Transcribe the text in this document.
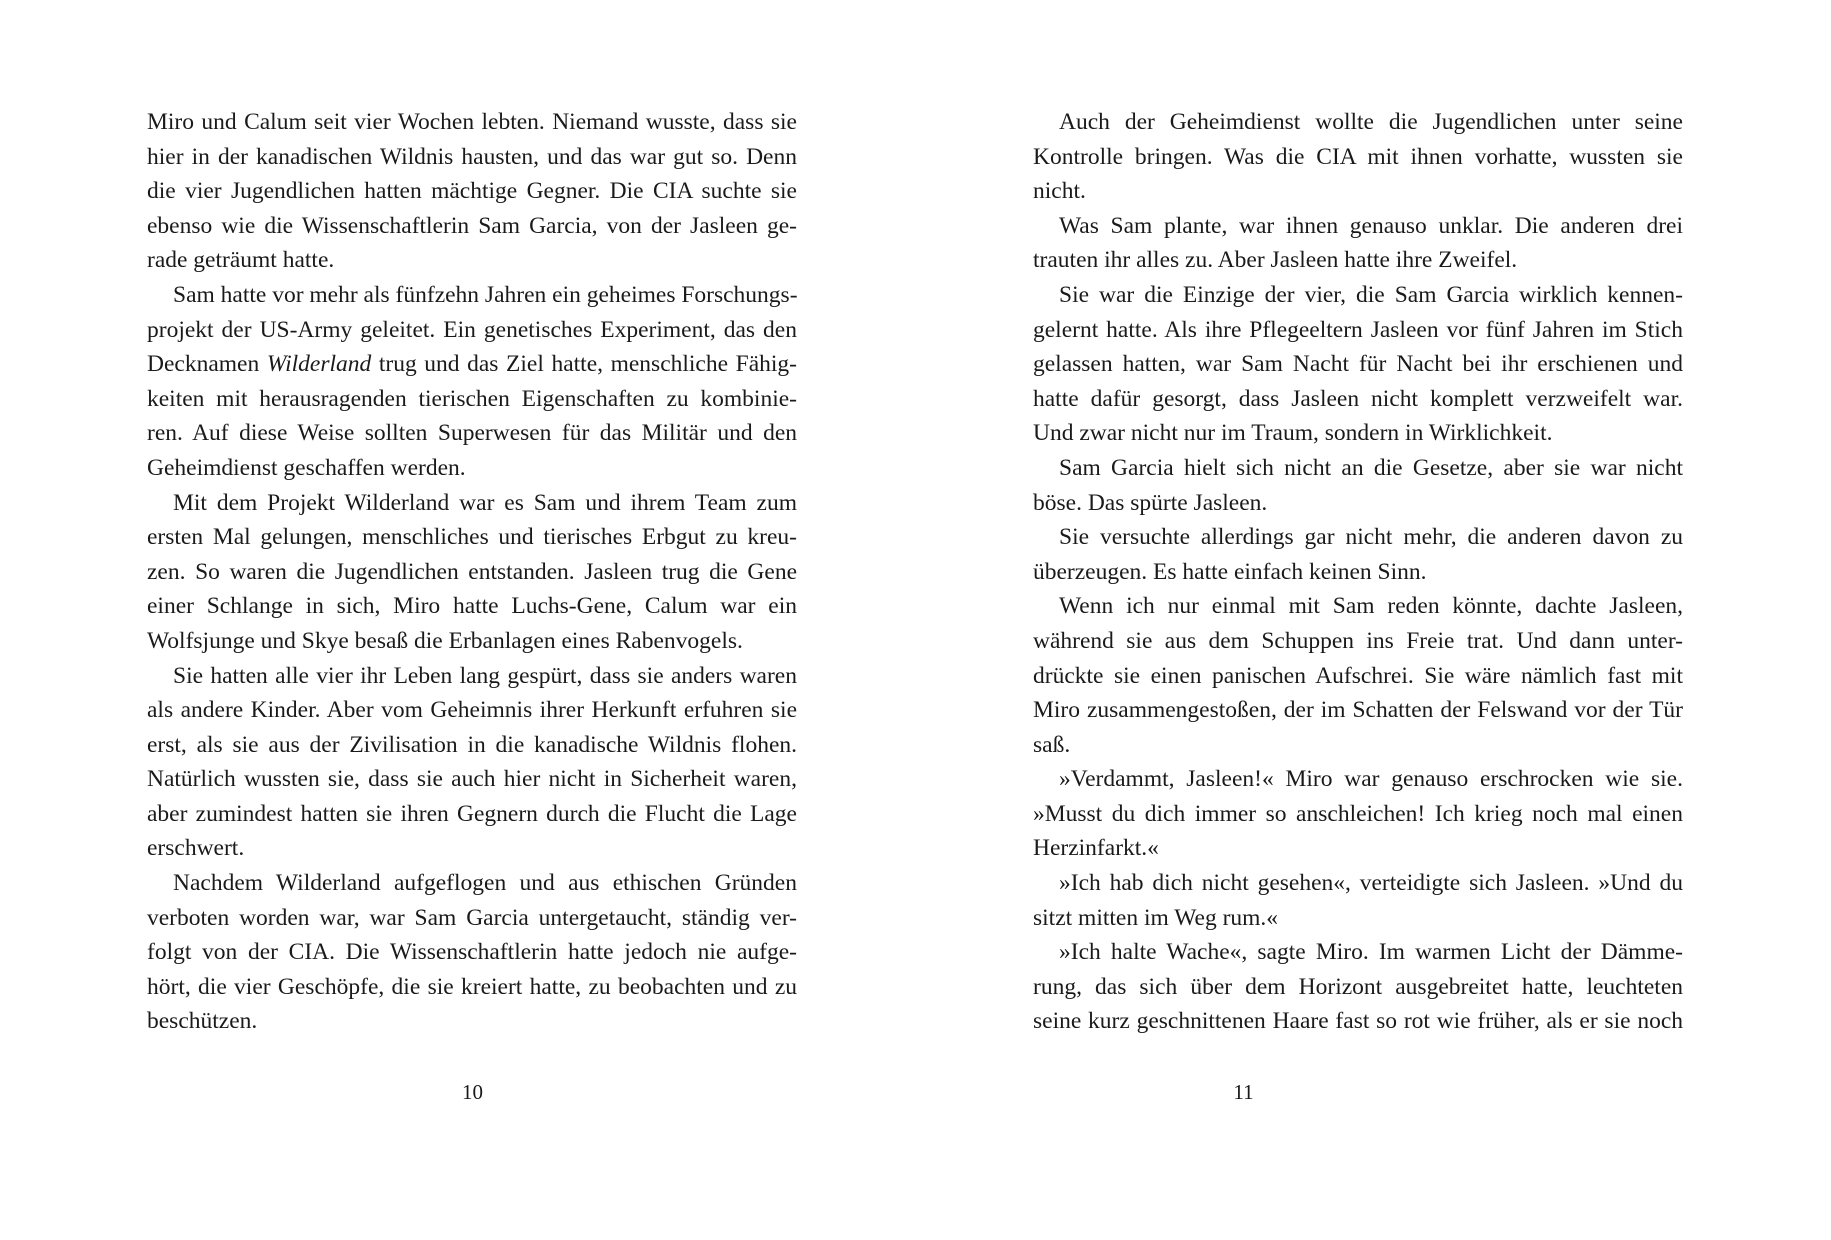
Miro und Calum seit vier Wochen lebten. Niemand wusste, dass sie
hier in der kanadischen Wildnis hausten, und das war gut so. Denn
die vier Jugendlichen hatten mächtige Gegner. Die CIA suchte sie
ebenso wie die Wissenschaftlerin Sam Garcia, von der Jasleen ge-
rade geträumt hatte.
Sam hatte vor mehr als fünfzehn Jahren ein geheimes Forschungs-
projekt der US-Army geleitet. Ein genetisches Experiment, das den
Decknamen Wilderland trug und das Ziel hatte, menschliche Fähig-
keiten mit herausragenden tierischen Eigenschaften zu kombinie-
ren. Auf diese Weise sollten Superwesen für das Militär und den
Geheimdienst geschaffen werden.
Mit dem Projekt Wilderland war es Sam und ihrem Team zum
ersten Mal gelungen, menschliches und tierisches Erbgut zu kreu-
zen. So waren die Jugendlichen entstanden. Jasleen trug die Gene
einer Schlange in sich, Miro hatte Luchs-Gene, Calum war ein
Wolfsjunge und Skye besaß die Erbanlagen eines Rabenvogels.
Sie hatten alle vier ihr Leben lang gespürt, dass sie anders waren
als andere Kinder. Aber vom Geheimnis ihrer Herkunft erfuhren sie
erst, als sie aus der Zivilisation in die kanadische Wildnis flohen.
Natürlich wussten sie, dass sie auch hier nicht in Sicherheit waren,
aber zumindest hatten sie ihren Gegnern durch die Flucht die Lage
erschwert.
Nachdem Wilderland aufgeflogen und aus ethischen Gründen
verboten worden war, war Sam Garcia untergetaucht, ständig ver-
folgt von der CIA. Die Wissenschaftlerin hatte jedoch nie aufge-
hört, die vier Geschöpfe, die sie kreiert hatte, zu beobachten und zu
beschützen.
10
Auch der Geheimdienst wollte die Jugendlichen unter seine
Kontrolle bringen. Was die CIA mit ihnen vorhatte, wussten sie
nicht.
Was Sam plante, war ihnen genauso unklar. Die anderen drei
trauten ihr alles zu. Aber Jasleen hatte ihre Zweifel.
Sie war die Einzige der vier, die Sam Garcia wirklich kennen-
gelernt hatte. Als ihre Pflegeeltern Jasleen vor fünf Jahren im Stich
gelassen hatten, war Sam Nacht für Nacht bei ihr erschienen und
hatte dafür gesorgt, dass Jasleen nicht komplett verzweifelt war.
Und zwar nicht nur im Traum, sondern in Wirklichkeit.
Sam Garcia hielt sich nicht an die Gesetze, aber sie war nicht
böse. Das spürte Jasleen.
Sie versuchte allerdings gar nicht mehr, die anderen davon zu
überzeugen. Es hatte einfach keinen Sinn.
Wenn ich nur einmal mit Sam reden könnte, dachte Jasleen,
während sie aus dem Schuppen ins Freie trat. Und dann unter-
drückte sie einen panischen Aufschrei. Sie wäre nämlich fast mit
Miro zusammengestoßen, der im Schatten der Felswand vor der Tür
saß.
»Verdammt, Jasleen!« Miro war genauso erschrocken wie sie.
»Musst du dich immer so anschleichen! Ich krieg noch mal einen
Herzinfarkt.«
»Ich hab dich nicht gesehen«, verteidigte sich Jasleen. »Und du
sitzt mitten im Weg rum.«
»Ich halte Wache«, sagte Miro. Im warmen Licht der Dämme-
rung, das sich über dem Horizont ausgebreitet hatte, leuchteten
seine kurz geschnittenen Haare fast so rot wie früher, als er sie noch
11
